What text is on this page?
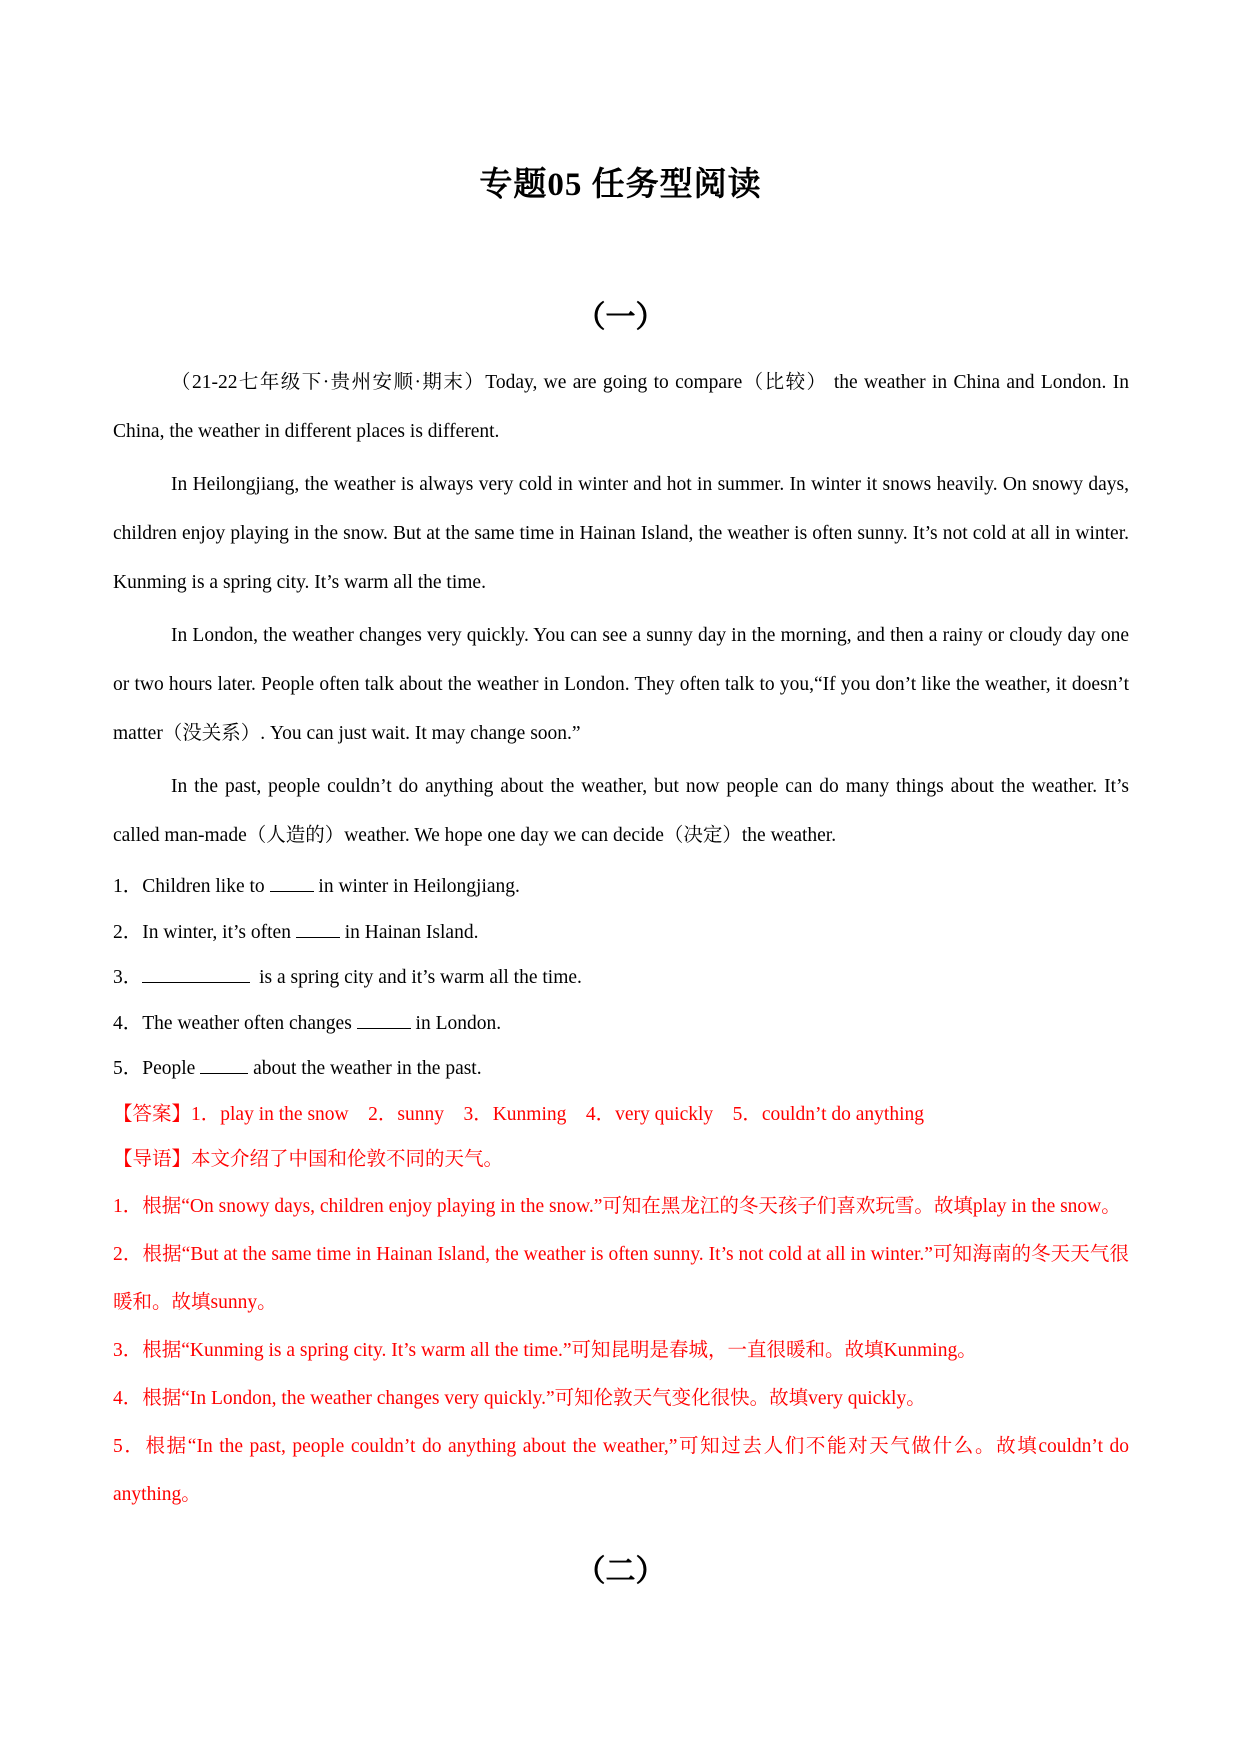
专题05 任务型阅读
（一）

（21-22七年级下·贵州安顺·期末）Today, we are going to compare（比较） the weather in China and London. In China, the weather in different places is different.

In Heilongjiang, the weather is always very cold in winter and hot in summer. In winter it snows heavily. On snowy days, children enjoy playing in the snow. But at the same time in Hainan Island, the weather is often sunny. It’s not cold at all in winter. Kunming is a spring city. It’s warm all the time.

In London, the weather changes very quickly. You can see a sunny day in the morning, and then a rainy or cloudy day one or two hours later. People often talk about the weather in London. They often talk to you,“If you don’t like the weather, it doesn’t matter（没关系）. You can just wait. It may change soon.”

In the past, people couldn’t do anything about the weather, but now people can do many things about the weather. It’s called man-made（人造的）weather. We hope one day we can decide（决定）the weather.

1．Children like to  in winter in Heilongjiang.

2．In winter, it’s often  in Hainan Island.

3．	is a spring city and it’s warm all the time.

4．The weather often changes	in London.

5．People  about the weather in the past.

【答案】1．play in the snow    2．sunny    3．Kunming    4．very quickly    5．couldn’t do anything

【导语】本文介绍了中国和伦敦不同的天气。

1．根据“On snowy days, children enjoy playing in the snow.”可知在黑龙江的冬天孩子们喜欢玩雪。故填play in the snow。

2．根据“But at the same time in Hainan Island, the weather is often sunny. It’s not cold at all in winter.”可知海南的冬天天气很暖和。故填sunny。

3．根据“Kunming is a spring city. It’s warm all the time.”可知昆明是春城，一直很暖和。故填Kunming。

4．根据“In London, the weather changes very quickly.”可知伦敦天气变化很快。故填very quickly。

5．根据“In the past, people couldn’t do anything about the weather,”可知过去人们不能对天气做什么。故填couldn’t do anything。

（二）
